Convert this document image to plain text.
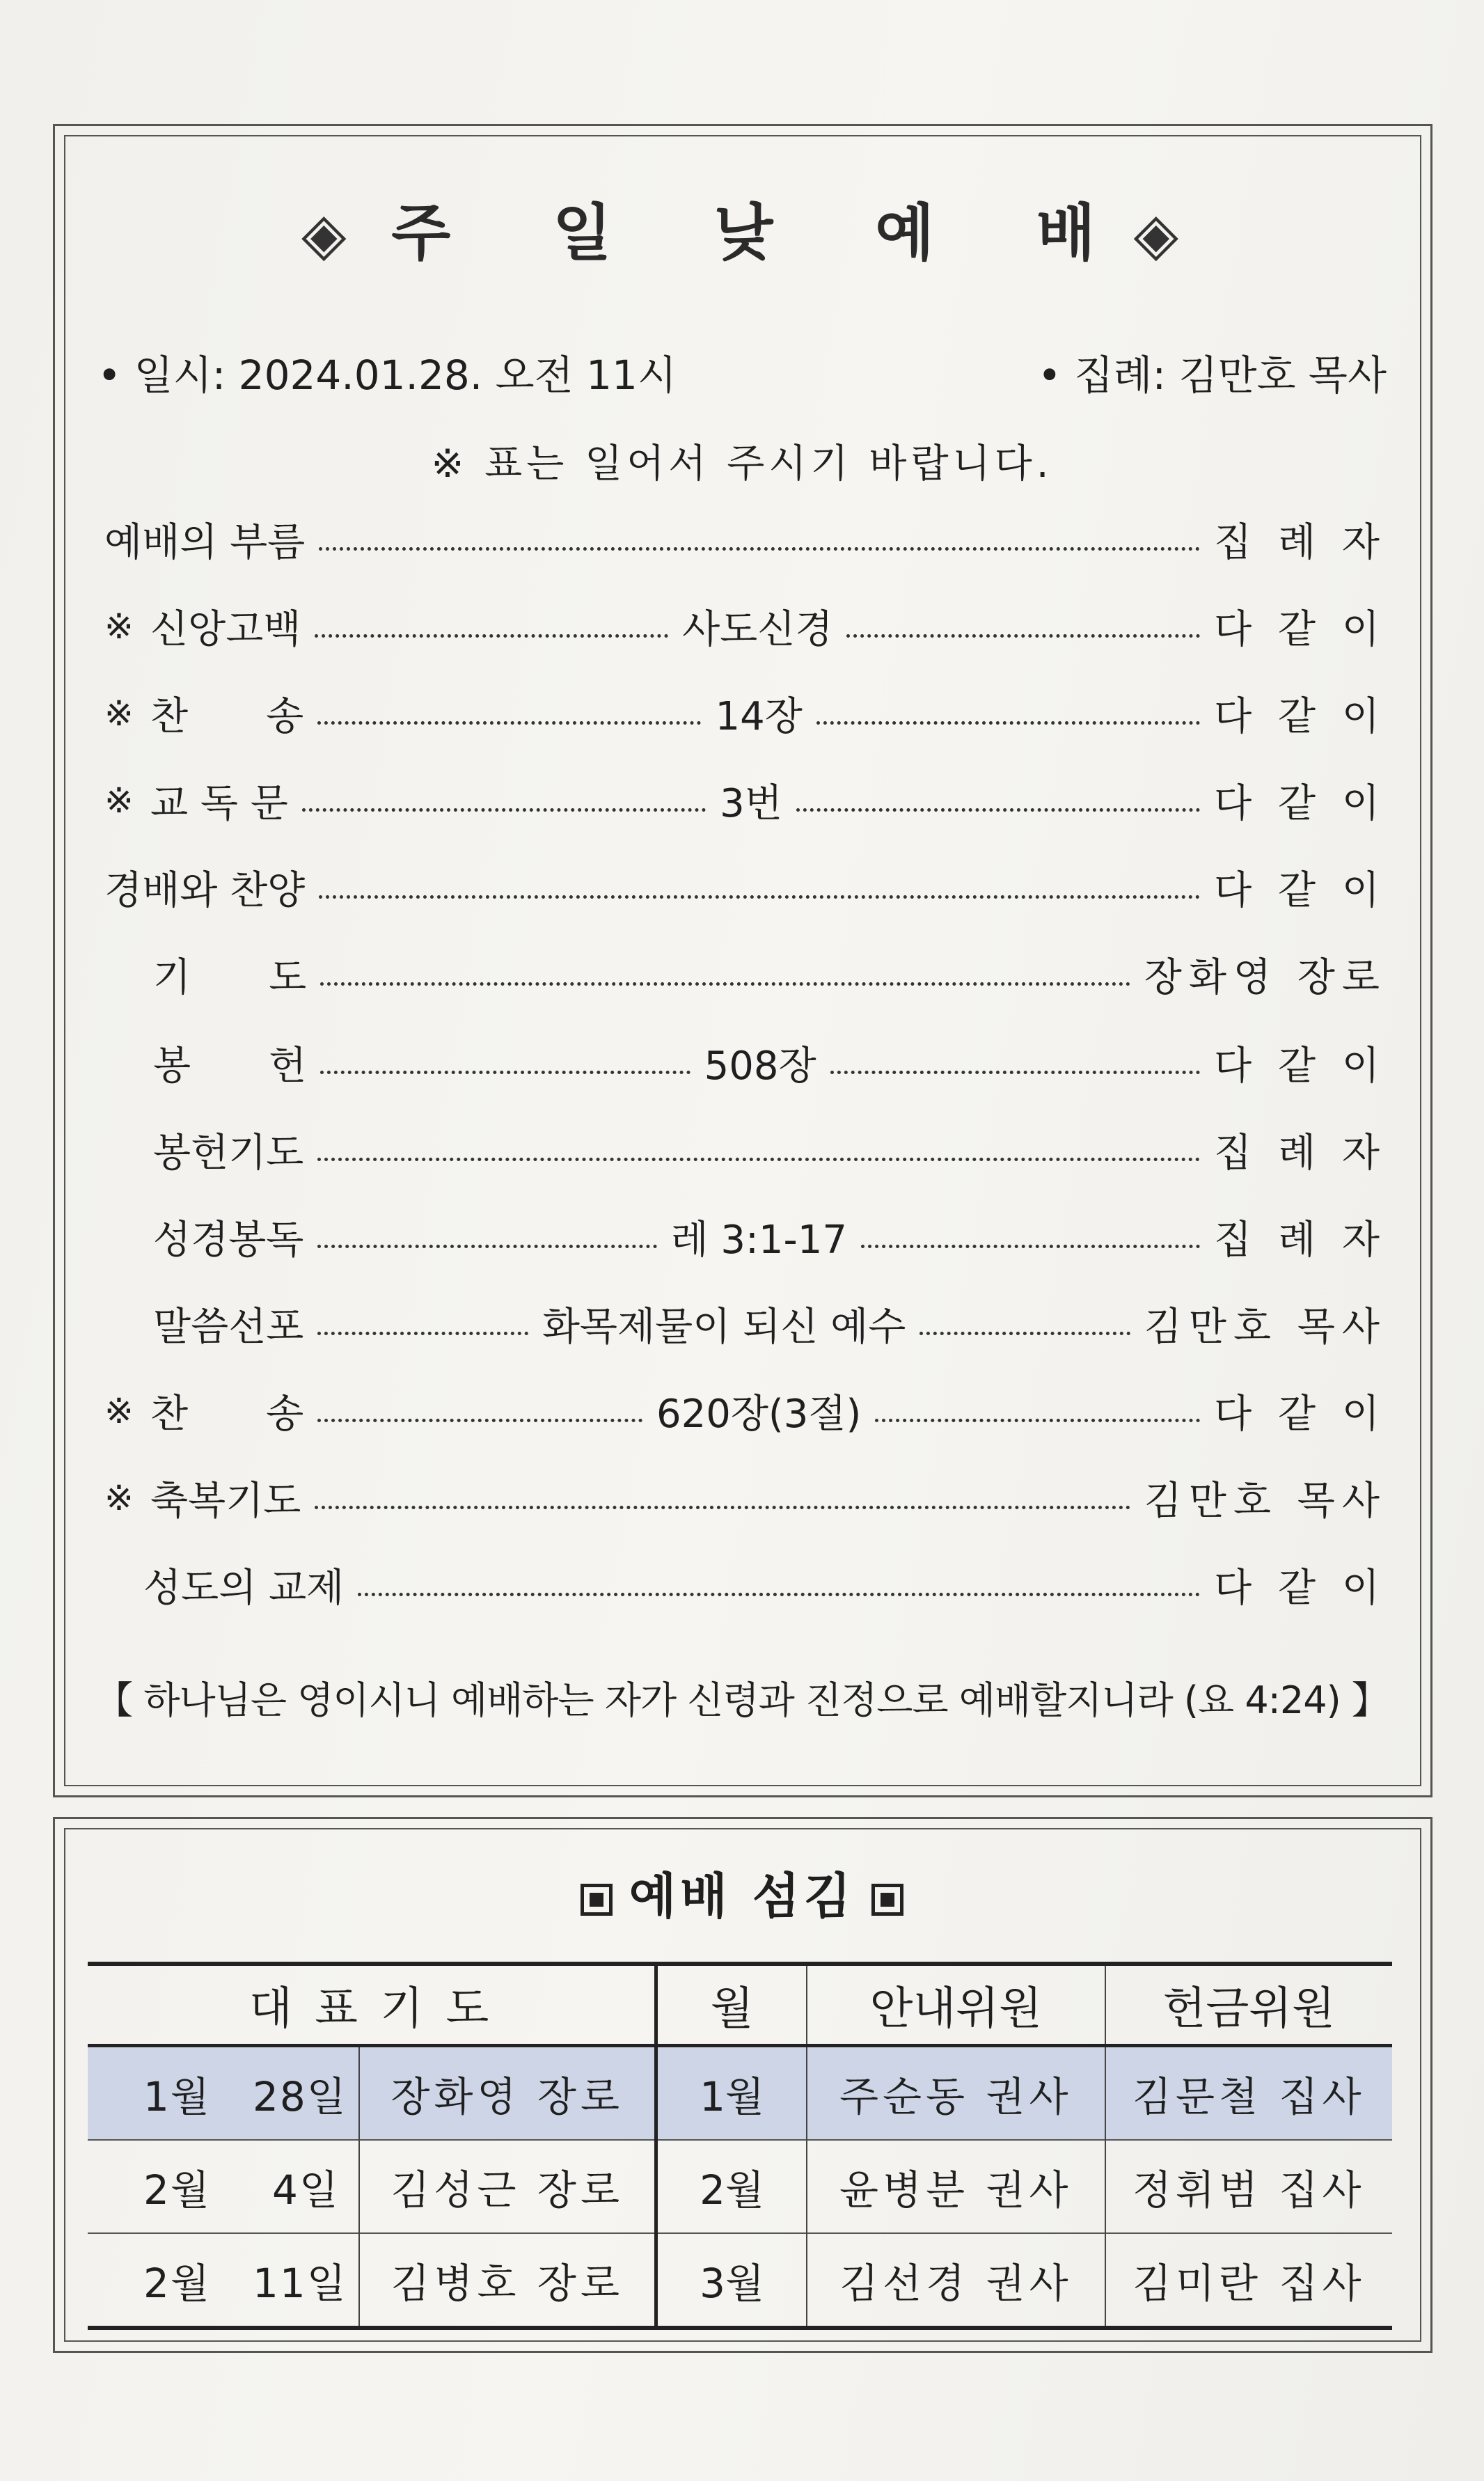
◈ 주 일 낮 예 배 ◈
• 일시: 2024.01.28. 오전 11시	• 집례: 김만호 목사
※ 표는 일어서 주시기 바랍니다.
예배의 부름	집 례 자
※ 신앙고백	사도신경	다 같 이
※ 찬　　송	14장	다 같 이
※ 교 독 문	3번	다 같 이
경배와 찬양	다 같 이
기　　도	장화영 장로
봉　　헌	508장	다 같 이
봉헌기도	집 례 자
성경봉독	레 3:1-17	집 례 자
말씀선포	화목제물이 되신 예수	김만호 목사
※ 찬　　송	620장(3절)	다 같 이
※ 축복기도	김만호 목사
성도의 교제	다 같 이
【 하나님은 영이시니 예배하는 자가 신령과 진정으로 예배할지니라 (요 4:24) 】
예배 섬김
대 표 기 도		월	안내위원	헌금위원
1월 28일	장화영 장로	1월	주순동 권사	김문철 집사
2월 4일	김성근 장로	2월	윤병분 권사	정휘범 집사
2월 11일	김병호 장로	3월	김선경 권사	김미란 집사
